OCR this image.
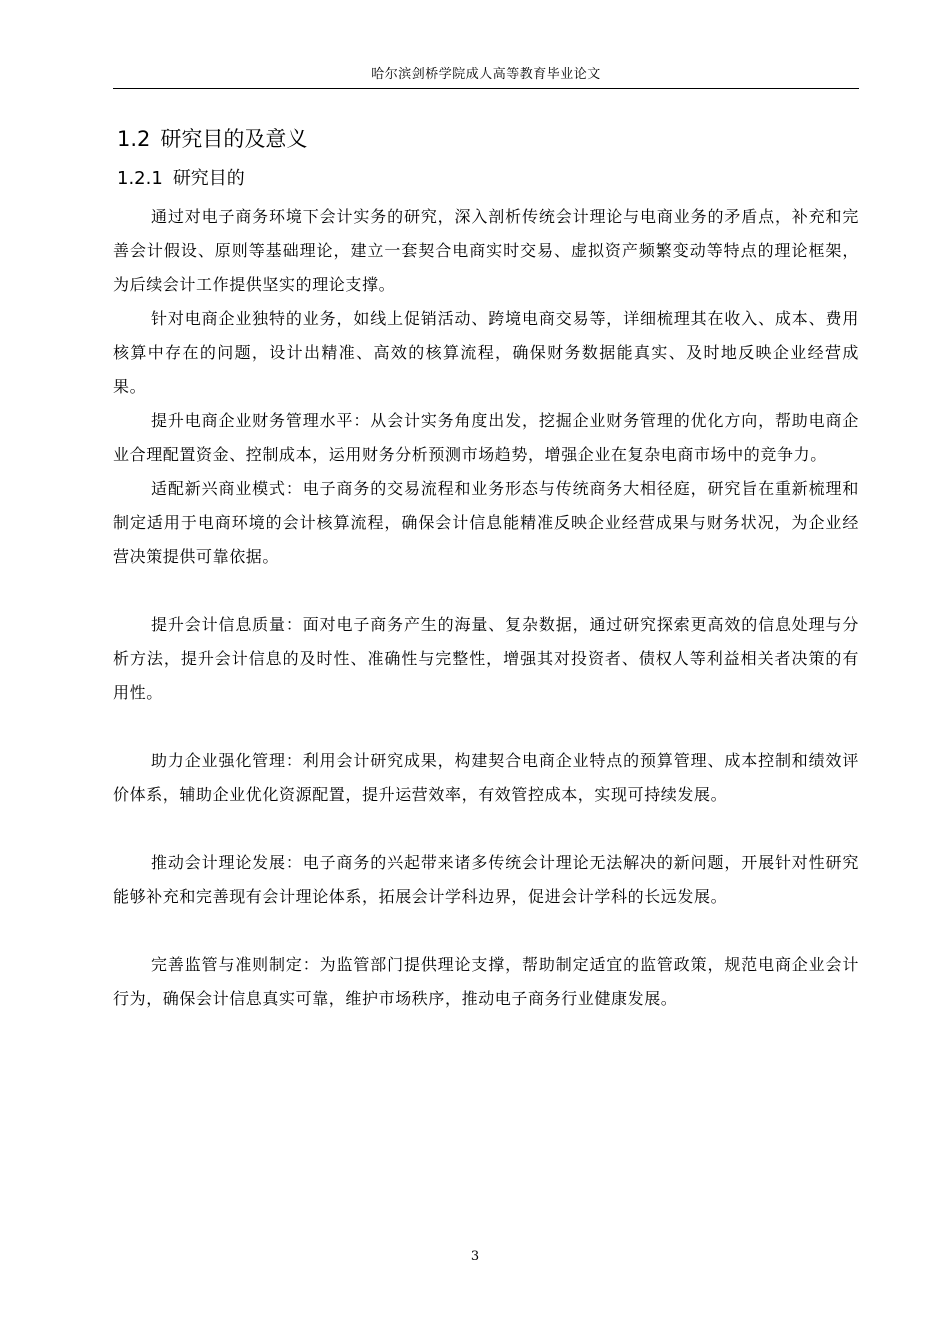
哈尔滨剑桥学院成人高等教育毕业论文
1.2 研究目的及意义
1.2.1 研究目的

通过对电子商务环境下会计实务的研究，深入剖析传统会计理论与电商业务的矛盾点，补充和完善会计假设、原则等基础理论，建立一套契合电商实时交易、虚拟资产频繁变动等特点的理论框架，为后续会计工作提供坚实的理论支撑。

针对电商企业独特的业务，如线上促销活动、跨境电商交易等，详细梳理其在收入、成本、费用核算中存在的问题，设计出精准、高效的核算流程，确保财务数据能真实、及时地反映企业经营成果。

提升电商企业财务管理水平：从会计实务角度出发，挖掘企业财务管理的优化方向，帮助电商企业合理配置资金、控制成本，运用财务分析预测市场趋势，增强企业在复杂电商市场中的竞争力。

适配新兴商业模式：电子商务的交易流程和业务形态与传统商务大相径庭，研究旨在重新梳理和制定适用于电商环境的会计核算流程，确保会计信息能精准反映企业经营成果与财务状况，为企业经营决策提供可靠依据。

提升会计信息质量：面对电子商务产生的海量、复杂数据，通过研究探索更高效的信息处理与分析方法，提升会计信息的及时性、准确性与完整性，增强其对投资者、债权人等利益相关者决策的有用性。

助力企业强化管理：利用会计研究成果，构建契合电商企业特点的预算管理、成本控制和绩效评价体系，辅助企业优化资源配置，提升运营效率，有效管控成本，实现可持续发展。

推动会计理论发展：电子商务的兴起带来诸多传统会计理论无法解决的新问题，开展针对性研究能够补充和完善现有会计理论体系，拓展会计学科边界，促进会计学科的长远发展。

完善监管与准则制定：为监管部门提供理论支撑，帮助制定适宜的监管政策，规范电商企业会计行为，确保会计信息真实可靠，维护市场秩序，推动电子商务行业健康发展。

3
